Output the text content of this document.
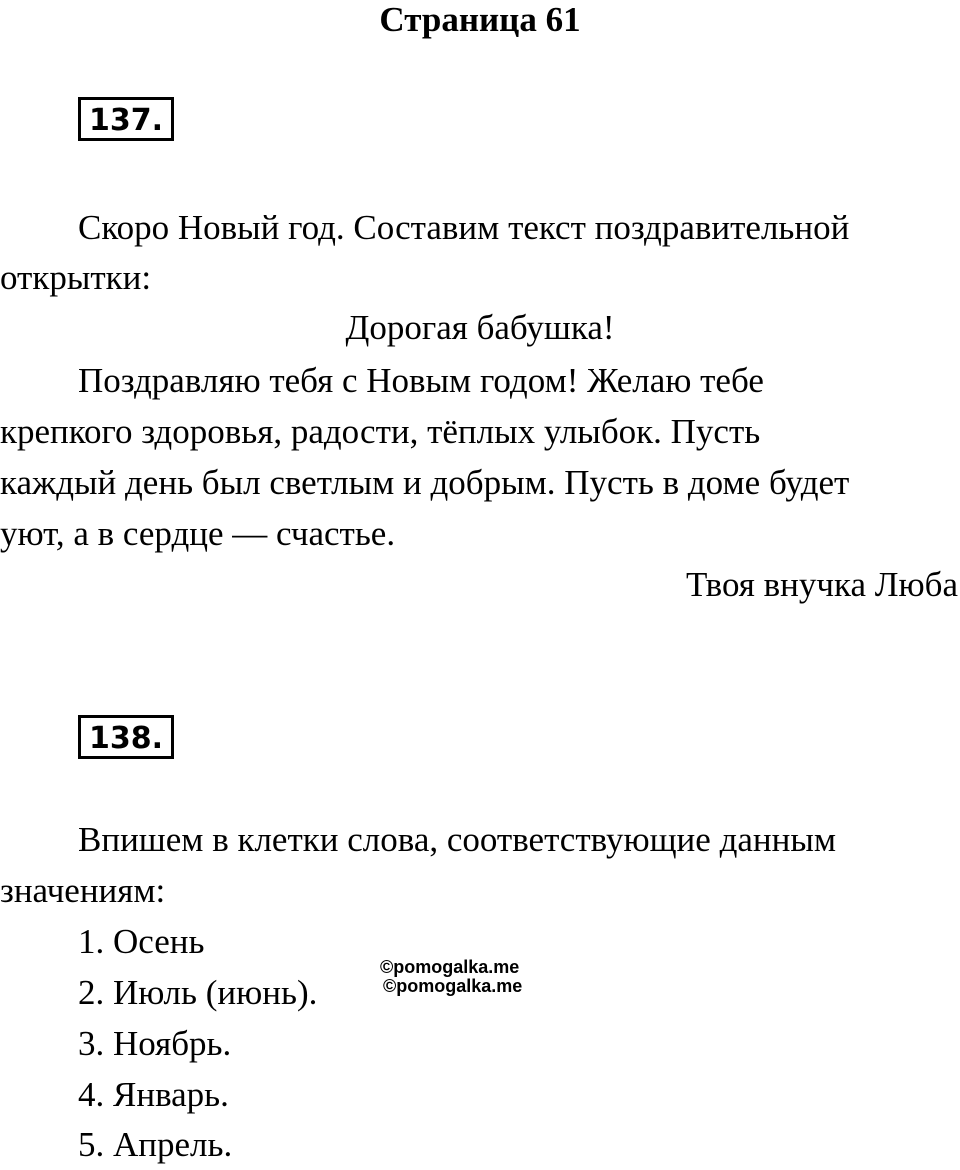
Страница 61
137.
Скоро Новый год. Составим текст поздравительной
открытки:
Дорогая бабушка!
Поздравляю тебя с Новым годом! Желаю тебе
крепкого здоровья, радости, тёплых улыбок. Пусть
каждый день был светлым и добрым. Пусть в доме будет
уют, а в сердце — счастье.
Твоя внучка Люба
138.
Впишем в клетки слова, соответствующие данным
значениям:
1. Осень
2. Июль (июнь).
3. Ноябрь.
4. Январь.
5. Апрель.
©pomogalka.me
©pomogalka.me
